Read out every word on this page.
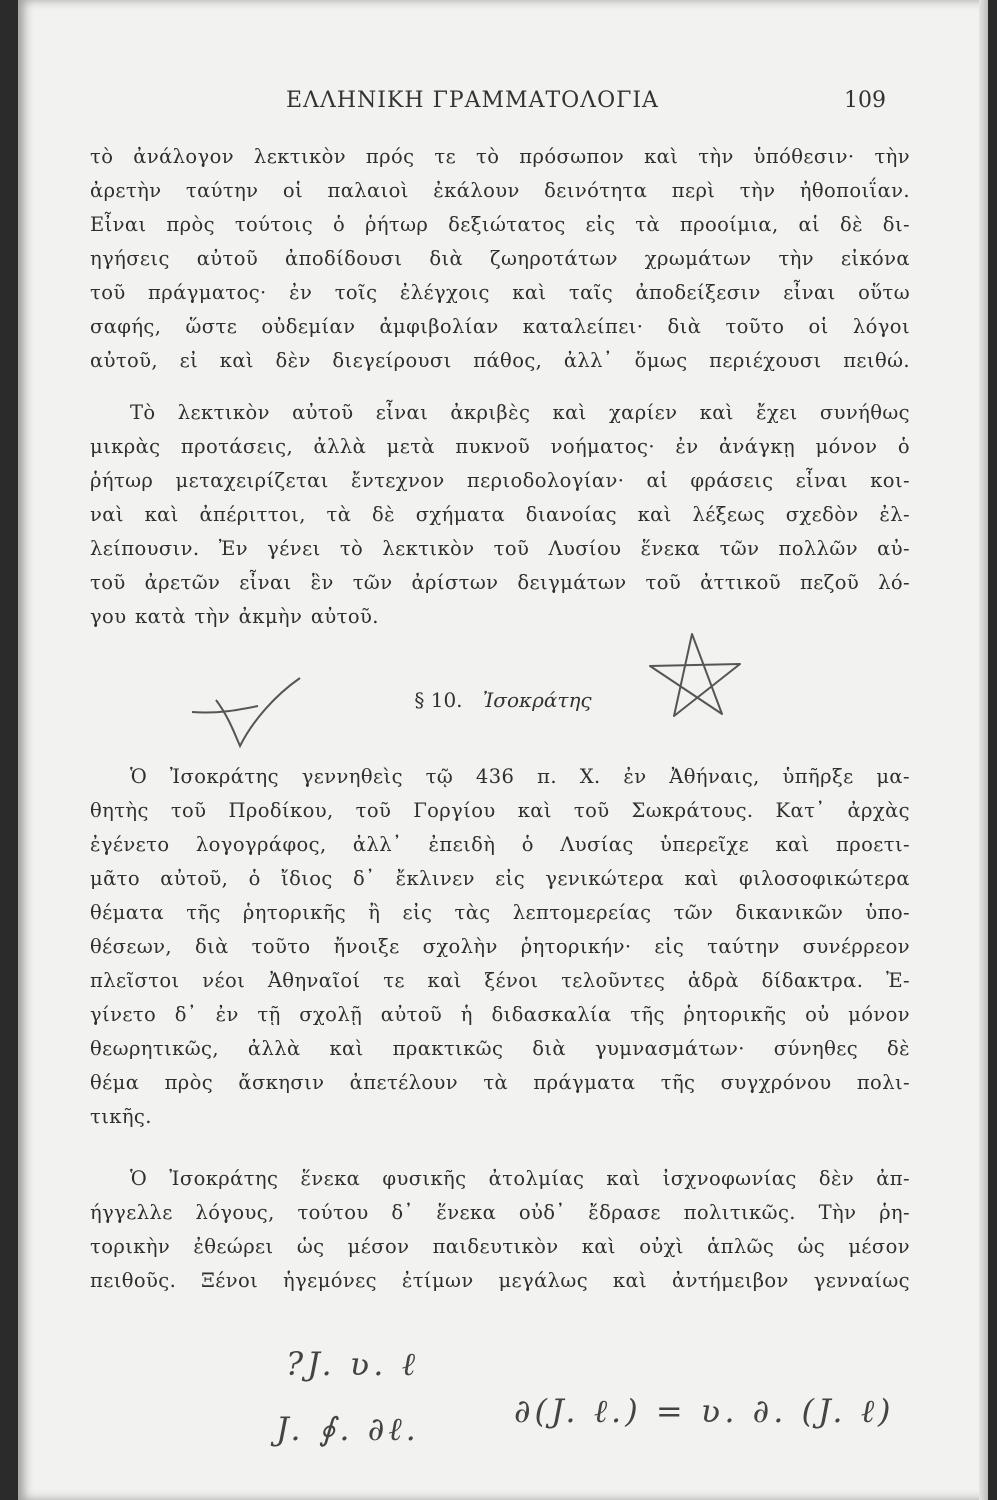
ΕΛΛΗΝΙΚΗ ΓΡΑΜΜΑΤΟΛΟΓΙΑ	109
τὸ ἀνάλογον λεκτικὸν πρός τε τὸ πρόσωπον καὶ τὴν ὑπόθεσιν· τὴν
ἀρετὴν ταύτην οἱ παλαιοὶ ἐκάλουν δεινότητα περὶ τὴν ἠθοποιΐαν.
Εἶναι πρὸς τούτοις ὁ ῥήτωρ δεξιώτατος εἰς τὰ προοίμια, αἱ δὲ δι-
ηγήσεις αὐτοῦ ἀποδίδουσι διὰ ζωηροτάτων χρωμάτων τὴν εἰκόνα
τοῦ πράγματος· ἐν τοῖς ἐλέγχοις καὶ ταῖς ἀποδείξεσιν εἶναι οὕτω
σαφής, ὥστε οὐδεμίαν ἀμφιβολίαν καταλείπει· διὰ τοῦτο οἱ λόγοι
αὐτοῦ, εἰ καὶ δὲν διεγείρουσι πάθος, ἀλλ᾽ ὅμως περιέχουσι πειθώ.
Τὸ λεκτικὸν αὐτοῦ εἶναι ἀκριβὲς καὶ χαρίεν καὶ ἔχει συνήθως
μικρὰς προτάσεις, ἀλλὰ μετὰ πυκνοῦ νοήματος· ἐν ἀνάγκῃ μόνον ὁ
ῥήτωρ μεταχειρίζεται ἔντεχνον περιοδολογίαν· αἱ φράσεις εἶναι κοι-
ναὶ καὶ ἀπέριττοι, τὰ δὲ σχήματα διανοίας καὶ λέξεως σχεδὸν ἐλ-
λείπουσιν. Ἐν γένει τὸ λεκτικὸν τοῦ Λυσίου ἕνεκα τῶν πολλῶν αὐ-
τοῦ ἀρετῶν εἶναι ἓν τῶν ἀρίστων δειγμάτων τοῦ ἀττικοῦ πεζοῦ λό-
γου κατὰ τὴν ἀκμὴν αὐτοῦ.
§ 10. Ἰσοκράτης
Ὁ Ἰσοκράτης γεννηθεὶς τῷ 436 π. Χ. ἐν Ἀθήναις, ὑπῆρξε μα-
θητὴς τοῦ Προδίκου, τοῦ Γοργίου καὶ τοῦ Σωκράτους. Κατ᾽ ἀρχὰς
ἐγένετο λογογράφος, ἀλλ᾽ ἐπειδὴ ὁ Λυσίας ὑπερεῖχε καὶ προετι-
μᾶτο αὐτοῦ, ὁ ἴδιος δ᾽ ἔκλινεν εἰς γενικώτερα καὶ φιλοσοφικώτερα
θέματα τῆς ῥητορικῆς ἢ εἰς τὰς λεπτομερείας τῶν δικανικῶν ὑπο-
θέσεων, διὰ τοῦτο ἤνοιξε σχολὴν ῥητορικήν· εἰς ταύτην συνέρρεον
πλεῖστοι νέοι Ἀθηναῖοί τε καὶ ξένοι τελοῦντες ἁδρὰ δίδακτρα. Ἐ-
γίνετο δ᾽ ἐν τῇ σχολῇ αὐτοῦ ἡ διδασκαλία τῆς ῥητορικῆς οὐ μόνον
θεωρητικῶς, ἀλλὰ καὶ πρακτικῶς διὰ γυμνασμάτων· σύνηθες δὲ
θέμα πρὸς ἄσκησιν ἀπετέλουν τὰ πράγματα τῆς συγχρόνου πολι-
τικῆς.
Ὁ Ἰσοκράτης ἕνεκα φυσικῆς ἀτολμίας καὶ ἰσχνοφωνίας δὲν ἀπ-
ήγγελλε λόγους, τούτου δ᾽ ἕνεκα οὐδ᾽ ἔδρασε πολιτικῶς. Τὴν ῥη-
τορικὴν ἐθεώρει ὡς μέσον παιδευτικὸν καὶ οὐχὶ ἁπλῶς ὡς μέσον
πειθοῦς. Ξένοι ἡγεμόνες ἐτίμων μεγάλως καὶ ἀντήμειβον γενναίως
?J. ʋ. ℓ
J. ∮. ∂ℓ.	∂(J. ℓ.) = ʋ. ∂. (J. ℓ)
